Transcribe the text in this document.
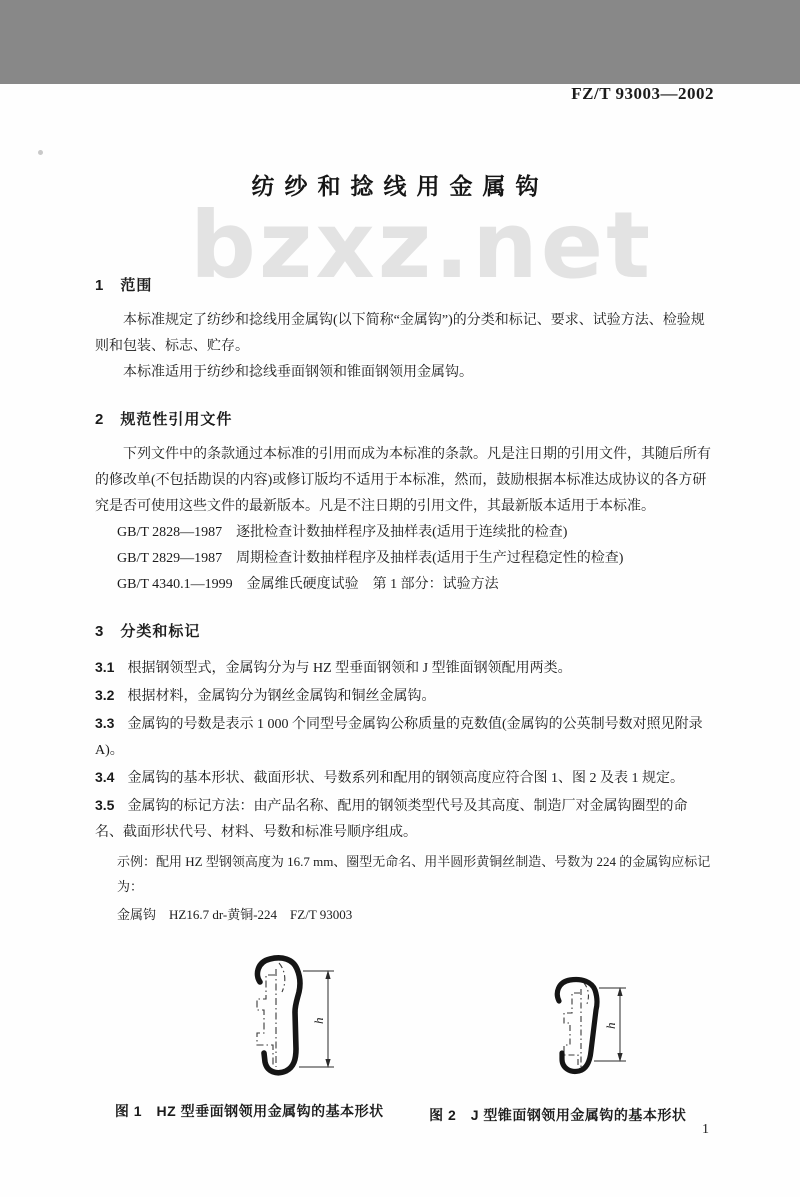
FZ/T 93003—2002
bzxz.net
纺纱和捻线用金属钩
1　范围

本标准规定了纺纱和捻线用金属钩(以下简称“金属钩”)的分类和标记、要求、试验方法、检验规则和包装、标志、贮存。

本标准适用于纺纱和捻线垂面钢领和锥面钢领用金属钩。

2　规范性引用文件

下列文件中的条款通过本标准的引用而成为本标准的条款。凡是注日期的引用文件，其随后所有的修改单(不包括勘误的内容)或修订版均不适用于本标准，然而，鼓励根据本标准达成协议的各方研究是否可使用这些文件的最新版本。凡是不注日期的引用文件，其最新版本适用于本标准。

GB/T 2828—1987　逐批检查计数抽样程序及抽样表(适用于连续批的检查)

GB/T 2829—1987　周期检查计数抽样程序及抽样表(适用于生产过程稳定性的检查)

GB/T 4340.1—1999　金属维氏硬度试验　第 1 部分：试验方法

3　分类和标记

3.1 根据钢领型式，金属钩分为与 HZ 型垂面钢领和 J 型锥面钢领配用两类。

3.2 根据材料，金属钩分为钢丝金属钩和铜丝金属钩。

3.3 金属钩的号数是表示 1 000 个同型号金属钩公称质量的克数值(金属钩的公英制号数对照见附录 A)。

3.4 金属钩的基本形状、截面形状、号数系列和配用的钢领高度应符合图 1、图 2 及表 1 规定。

3.5 金属钩的标记方法：由产品名称、配用的钢领类型代号及其高度、制造厂对金属钩圈型的命名、截面形状代号、材料、号数和标准号顺序组成。

示例：配用 HZ 型钢领高度为 16.7 mm、圈型无命名、用半圆形黄铜丝制造、号数为 224 的金属钩应标记为：

金属钩　HZ16.7 dr-黄铜-224　FZ/T 93003

h
图 1　HZ 型垂面钢领用金属钩的基本形状
h
图 2　J 型锥面钢领用金属钩的基本形状
1
